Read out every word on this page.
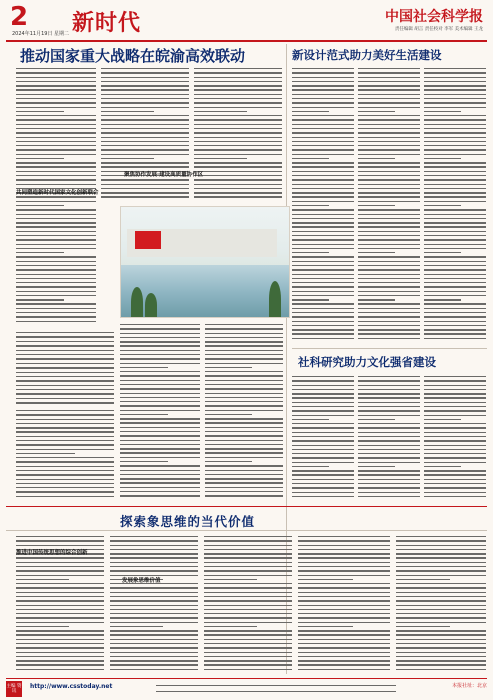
2
2024年11月19日 星期二 新时代	中国社会科学报
责任编辑 胡言 责任校对 李军 美术编辑 王龙
推动国家重大战略在皖渝高效联动
共同塑造新时代国家文化创新联合
聚焦协作发展·建设高质量协作区
新设计范式助力美好生活建设
社科研究助力文化强省建设
探索象思维的当代价值
推进中国传统思想的综合创新
发展象思维价值
主编 资讯
http://www.csstoday.net	本报社址：北京
